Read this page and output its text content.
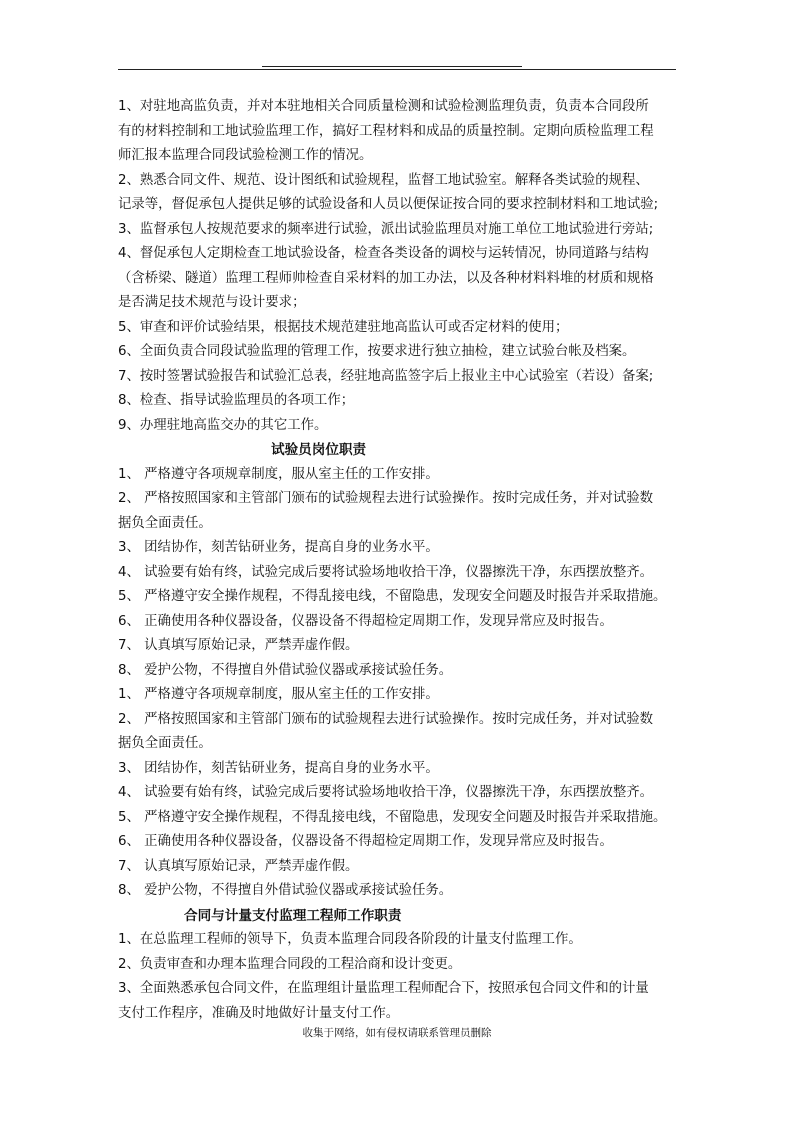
1、对驻地高监负责，并对本驻地相关合同质量检测和试验检测监理负责，负责本合同段所
有的材料控制和工地试验监理工作，搞好工程材料和成品的质量控制。定期向质检监理工程
师汇报本监理合同段试验检测工作的情况。
2、熟悉合同文件、规范、设计图纸和试验规程，监督工地试验室。解释各类试验的规程、
记录等，督促承包人提供足够的试验设备和人员以便保证按合同的要求控制材料和工地试验;
3、监督承包人按规范要求的频率进行试验，派出试验监理员对施工单位工地试验进行旁站;
4、督促承包人定期检查工地试验设备，检查各类设备的调校与运转情况，协同道路与结构
（含桥梁、隧道）监理工程师帅检查自采材料的加工办法，以及各种材料料堆的材质和规格
是否满足技术规范与设计要求；
5、审查和评价试验结果，根据技术规范建驻地高监认可或否定材料的使用；
6、全面负责合同段试验监理的管理工作，按要求进行独立抽检，建立试验台帐及档案。
7、按时签署试验报告和试验汇总表，经驻地高监签字后上报业主中心试验室（若设）备案;
8、检查、指导试验监理员的各项工作；
9、办理驻地高监交办的其它工作。
试验员岗位职责
1、 严格遵守各项规章制度，服从室主任的工作安排。
2、 严格按照国家和主管部门颁布的试验规程去进行试验操作。按时完成任务，并对试验数
据负全面责任。
3、 团结协作，刻苦钻研业务，提高自身的业务水平。
4、 试验要有始有终，试验完成后要将试验场地收拾干净，仪器擦洗干净，东西摆放整齐。
5、 严格遵守安全操作规程，不得乱接电线，不留隐患，发现安全问题及时报告并采取措施。
6、 正确使用各种仪器设备，仪器设备不得超检定周期工作，发现异常应及时报告。
7、 认真填写原始记录，严禁弄虚作假。
8、 爱护公物，不得擅自外借试验仪器或承接试验任务。
1、 严格遵守各项规章制度，服从室主任的工作安排。
2、 严格按照国家和主管部门颁布的试验规程去进行试验操作。按时完成任务，并对试验数
据负全面责任。
3、 团结协作，刻苦钻研业务，提高自身的业务水平。
4、 试验要有始有终，试验完成后要将试验场地收拾干净，仪器擦洗干净，东西摆放整齐。
5、 严格遵守安全操作规程，不得乱接电线，不留隐患，发现安全问题及时报告并采取措施。
6、 正确使用各种仪器设备，仪器设备不得超检定周期工作，发现异常应及时报告。
7、 认真填写原始记录，严禁弄虚作假。
8、 爱护公物，不得擅自外借试验仪器或承接试验任务。
合同与计量支付监理工程师工作职责
1、在总监理工程师的领导下，负责本监理合同段各阶段的计量支付监理工作。
2、负责审查和办理本监理合同段的工程洽商和设计变更。
3、全面熟悉承包合同文件，在监理组计量监理工程师配合下，按照承包合同文件和的计量
支付工作程序，准确及时地做好计量支付工作。
收集于网络，如有侵权请联系管理员删除
